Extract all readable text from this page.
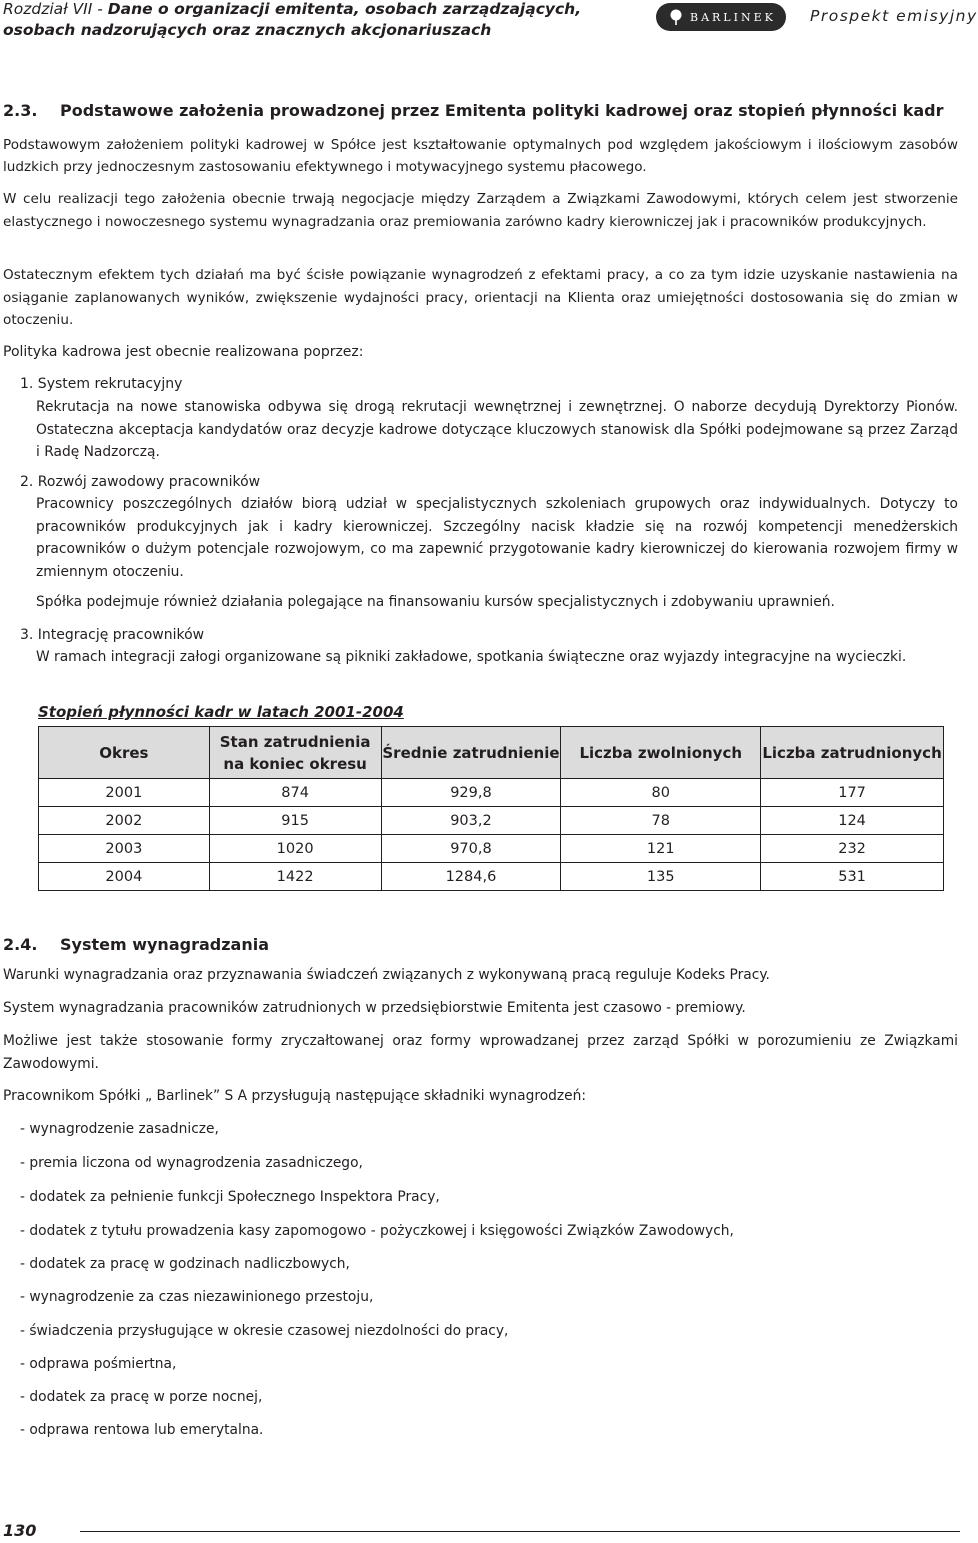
Rozdział VII - Dane o organizacji emitenta, osobach zarządzających,
osobach nadzorujących oraz znacznych akcjonariuszach
BARLINEK Prospekt emisyjny
2.3. Podstawowe założenia prowadzonej przez Emitenta polityki kadrowej oraz stopień płynności kadr
Podstawowym założeniem polityki kadrowej w Spółce jest kształtowanie optymalnych pod względem jakościowym i ilościowym zasobów ludzkich przy jednoczesnym zastosowaniu efektywnego i motywacyjnego systemu płacowego.
W celu realizacji tego założenia obecnie trwają negocjacje między Zarządem a Związkami Zawodowymi, których celem jest stworzenie elastycznego i nowoczesnego systemu wynagradzania oraz premiowania zarówno kadry kierowniczej jak i pracowników produkcyjnych.
Ostatecznym efektem tych działań ma być ścisłe powiązanie wynagrodzeń z efektami pracy, a co za tym idzie uzyskanie nastawienia na osiąganie zaplanowanych wyników, zwiększenie wydajności pracy, orientacji na Klienta oraz umiejętności dostosowania się do zmian w otoczeniu.
Polityka kadrowa jest obecnie realizowana poprzez:
1. System rekrutacyjny
Rekrutacja na nowe stanowiska odbywa się drogą rekrutacji wewnętrznej i zewnętrznej. O naborze decydują Dyrektorzy Pionów. Ostateczna akceptacja kandydatów oraz decyzje kadrowe dotyczące kluczowych stanowisk dla Spółki podejmowane są przez Zarząd i Radę Nadzorczą.
2. Rozwój zawodowy pracowników
Pracownicy poszczególnych działów biorą udział w specjalistycznych szkoleniach grupowych oraz indywidualnych. Dotyczy to pracowników produkcyjnych jak i kadry kierowniczej. Szczególny nacisk kładzie się na rozwój kompetencji menedżerskich pracowników o dużym potencjale rozwojowym, co ma zapewnić przygotowanie kadry kierowniczej do kierowania rozwojem firmy w zmiennym otoczeniu.
Spółka podejmuje również działania polegające na finansowaniu kursów specjalistycznych i zdobywaniu uprawnień.
3. Integrację pracowników
W ramach integracji załogi organizowane są pikniki zakładowe, spotkania świąteczne oraz wyjazdy integracyjne na wycieczki.
Stopień płynności kadr w latach 2001-2004
Okres	Stan zatrudnienia na koniec okresu	Średnie zatrudnienie	Liczba zwolnionych	Liczba zatrudnionych
2001	874	929,8	80	177
2002	915	903,2	78	124
2003	1020	970,8	121	232
2004	1422	1284,6	135	531
2.4. System wynagradzania
Warunki wynagradzania oraz przyznawania świadczeń związanych z wykonywaną pracą reguluje Kodeks Pracy.
System wynagradzania pracowników zatrudnionych w przedsiębiorstwie Emitenta jest czasowo - premiowy.
Możliwe jest także stosowanie formy zryczałtowanej oraz formy wprowadzanej przez zarząd Spółki w porozumieniu ze Związkami Zawodowymi.
Pracownikom Spółki „ Barlinek” S A przysługują następujące składniki wynagrodzeń:
- wynagrodzenie zasadnicze,
- premia liczona od wynagrodzenia zasadniczego,
- dodatek za pełnienie funkcji Społecznego Inspektora Pracy,
- dodatek z tytułu prowadzenia kasy zapomogowo - pożyczkowej i księgowości Związków Zawodowych,
- dodatek za pracę w godzinach nadliczbowych,
- wynagrodzenie za czas niezawinionego przestoju,
- świadczenia przysługujące w okresie czasowej niezdolności do pracy,
- odprawa pośmiertna,
- dodatek za pracę w porze nocnej,
- odprawa rentowa lub emerytalna.
130
